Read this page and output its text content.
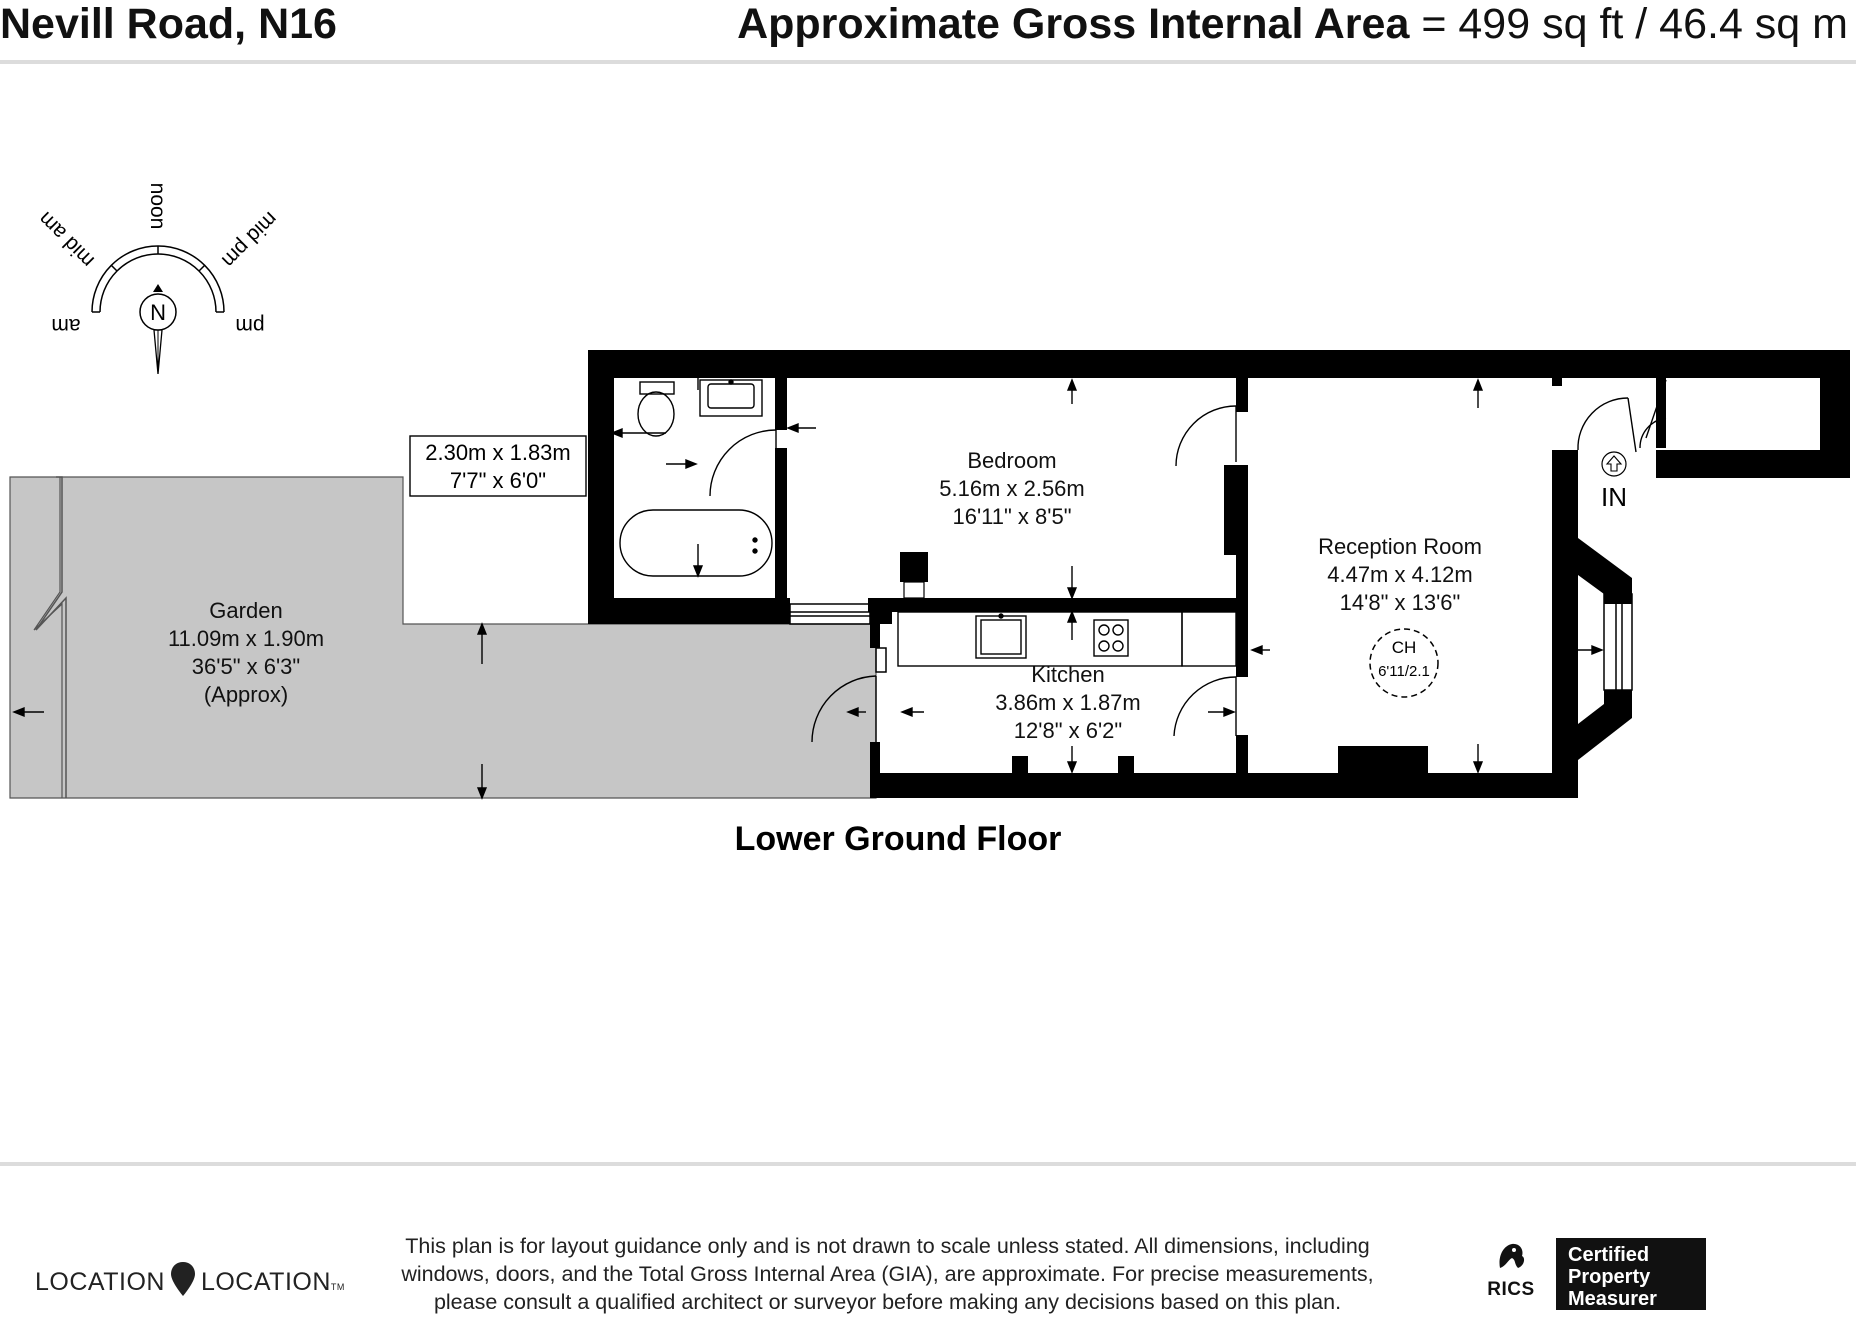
Nevill Road, N16	Approximate Gross Internal Area = 499 sq ft / 46.4 sq m
2.30m x 1.83m
7'7" x 6'0"
Bedroom
5.16m x 2.56m
16'11" x 8'5"
Kitchen
3.86m x 1.87m
12'8" x 6'2"
Reception Room
4.47m x 4.12m
14'8" x 13'6"
Garden
11.09m x 1.90m
36'5" x 6'3"
(Approx)
CH
6'11/2.1
IN
Lower Ground Floor
N
am	pm
mid am	mid pm
noon
LOCATION LOCATIONTM
This plan is for layout guidance only and is not drawn to scale unless stated. All dimensions, including windows, doors, and the Total Gross Internal Area (GIA), are approximate. For precise measurements, please consult a qualified architect or surveyor before making any decisions based on this plan.
RICS
Certified
Property
Measurer
